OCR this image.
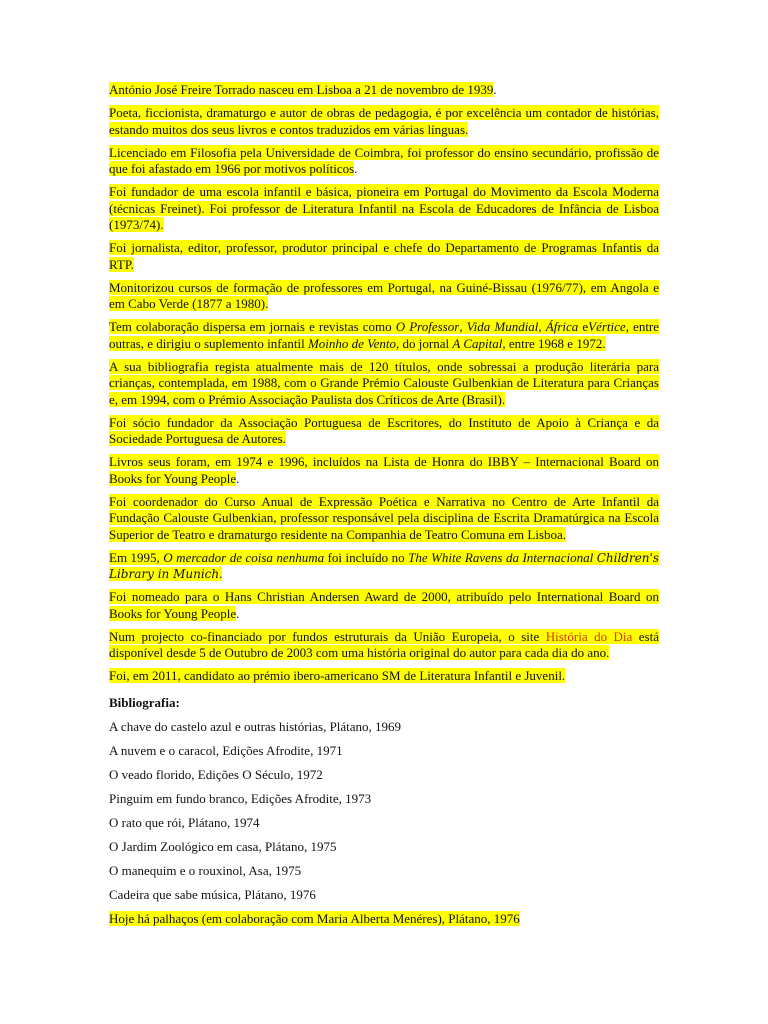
António José Freire Torrado nasceu em Lisboa a 21 de novembro de 1939.

Poeta, ficcionista, dramaturgo e autor de obras de pedagogia, é por excelência um contador de histórias, estando muitos dos seus livros e contos traduzidos em várias línguas.

Licenciado em Filosofia pela Universidade de Coimbra, foi professor do ensino secundário, profissão de que foi afastado em 1966 por motivos políticos.

Foi fundador de uma escola infantil e básica, pioneira em Portugal do Movimento da Escola Moderna (técnicas Freinet). Foi professor de Literatura Infantil na Escola de Educadores de Infância de Lisboa (1973/74).

Foi jornalista, editor, professor, produtor principal e chefe do Departamento de Programas Infantis da RTP.

Monitorizou cursos de formação de professores em Portugal, na Guiné-Bissau (1976/77), em Angola e em Cabo Verde (1877 a 1980).

Tem colaboração dispersa em jornais e revistas como O Professor, Vida Mundial, África eVértice, entre outras, e dirigiu o suplemento infantil Moinho de Vento, do jornal A Capital, entre 1968 e 1972.

A sua bibliografia regista atualmente mais de 120 títulos, onde sobressai a produção literária para crianças, contemplada, em 1988, com o Grande Prémio Calouste Gulbenkian de Literatura para Crianças e, em 1994, com o Prémio Associação Paulista dos Críticos de Arte (Brasil).

Foi sócio fundador da Associação Portuguesa de Escritores, do Instituto de Apoio à Criança e da Sociedade Portuguesa de Autores.

Livros seus foram, em 1974 e 1996, incluídos na Lista de Honra do IBBY – Internacional Board on Books for Young People.

Foi coordenador do Curso Anual de Expressão Poética e Narrativa no Centro de Arte Infantil da Fundação Calouste Gulbenkian, professor responsável pela disciplina de Escrita Dramatúrgica na Escola Superior de Teatro e dramaturgo residente na Companhia de Teatro Comuna em Lisboa.

Em 1995, O mercador de coisa nenhuma foi incluído no The White Ravens da Internacional Children's Library in Munich.

Foi nomeado para o Hans Christian Andersen Award de 2000, atribuído pelo International Board on Books for Young People.

Num projecto co-financiado por fundos estruturais da União Europeia, o site História do Dia está disponível desde 5 de Outubro de 2003 com uma história original do autor para cada dia do ano.

Foi, em 2011, candidato ao prémio ibero-americano SM de Literatura Infantil e Juvenil.

Bibliografia:
A chave do castelo azul e outras histórias, Plátano, 1969
A nuvem e o caracol, Edições Afrodite, 1971
O veado florido, Edições O Século, 1972
Pinguim em fundo branco, Edições Afrodite, 1973
O rato que rói, Plátano, 1974
O Jardim Zoológico em casa, Plátano, 1975
O manequim e o rouxinol, Asa, 1975
Cadeira que sabe música, Plátano, 1976
Hoje há palhaços (em colaboração com Maria Alberta Menéres), Plátano, 1976
